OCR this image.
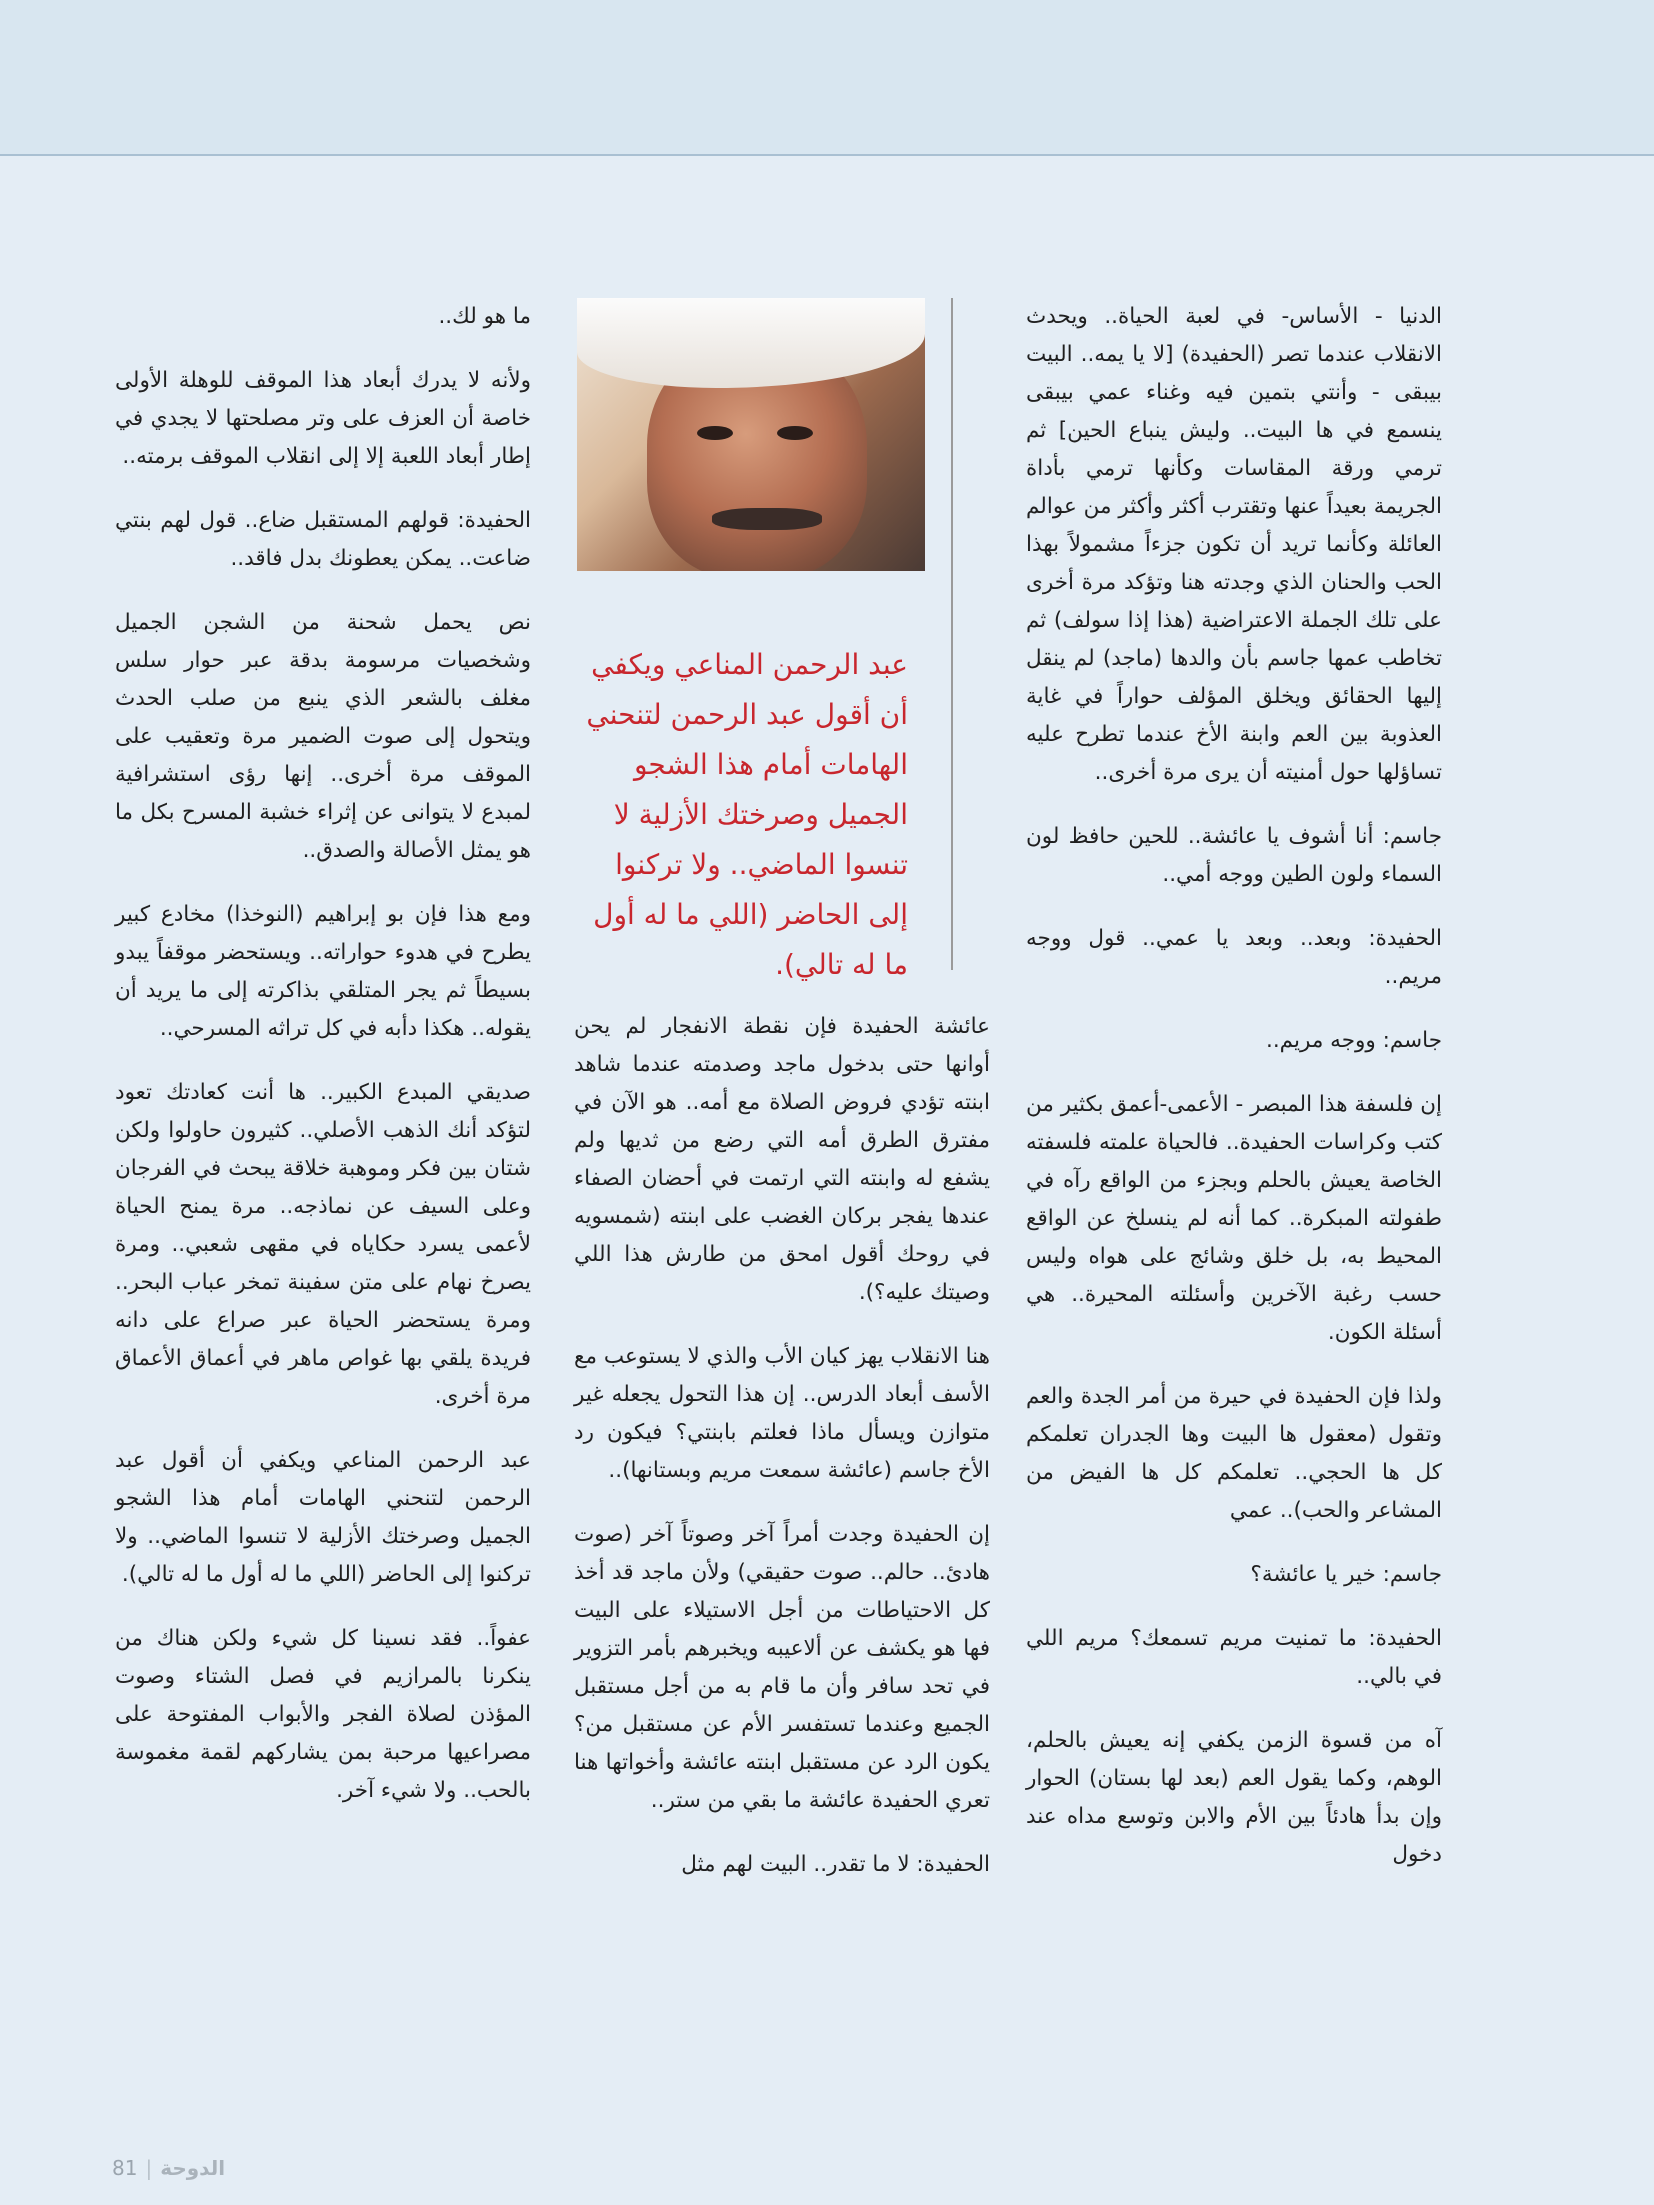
الدنيا - الأساس- في لعبة الحياة.. ويحدث الانقلاب عندما تصر (الحفيدة) [لا يا يمه.. البيت بيبقى - وأنتي بتمين فيه وغناء عمي بيبقى ينسمع في ها البيت.. وليش ينباع الحين] ثم ترمي ورقة المقاسات وكأنها ترمي بأداة الجريمة بعيداً عنها وتقترب أكثر وأكثر من عوالم العائلة وكأنما تريد أن تكون جزءاً مشمولاً بهذا الحب والحنان الذي وجدته هنا وتؤكد مرة أخرى على تلك الجملة الاعتراضية (هذا إذا سولف) ثم تخاطب عمها جاسم بأن والدها (ماجد) لم ينقل إليها الحقائق ويخلق المؤلف حواراً في غاية العذوبة بين العم وابنة الأخ عندما تطرح عليه تساؤلها حول أمنيته أن يرى مرة أخرى..

جاسم: أنا أشوف يا عائشة.. للحين حافظ لون السماء ولون الطين ووجه أمي..

الحفيدة: وبعد.. وبعد يا عمي.. قول ووجه مريم..

جاسم: ووجه مريم..

إن فلسفة هذا المبصر - الأعمى-أعمق بكثير من كتب وكراسات الحفيدة.. فالحياة علمته فلسفته الخاصة يعيش بالحلم وبجزء من الواقع رآه في طفولته المبكرة.. كما أنه لم ينسلخ عن الواقع المحيط به، بل خلق وشائج على هواه وليس حسب رغبة الآخرين وأسئلته المحيرة.. هي أسئلة الكون.

ولذا فإن الحفيدة في حيرة من أمر الجدة والعم وتقول (معقول ها البيت وها الجدران تعلمكم كل ها الحجي.. تعلمكم كل ها الفيض من المشاعر والحب).. عمي

جاسم: خير يا عائشة؟

الحفيدة: ما تمنيت مريم تسمعك؟ مريم اللي في بالي..

آه من قسوة الزمن يكفي إنه يعيش بالحلم، الوهم، وكما يقول العم (بعد لها بستان) الحوار وإن بدأ هادئاً بين الأم والابن وتوسع مداه عند دخول

عبد الرحمن المناعي ويكفي أن أقول عبد الرحمن لتنحني الهامات أمام هذا الشجو الجميل وصرختك الأزلية لا تنسوا الماضي.. ولا تركنوا إلى الحاضر (اللي ما له أول ما له تالي).

عائشة الحفيدة فإن نقطة الانفجار لم يحن أوانها حتى بدخول ماجد وصدمته عندما شاهد ابنته تؤدي فروض الصلاة مع أمه.. هو الآن في مفترق الطرق أمه التي رضع من ثديها ولم يشفع له وابنته التي ارتمت في أحضان الصفاء عندها يفجر بركان الغضب على ابنته (شمسويه في روحك أقول امحق من طارش هذا اللي وصيتك عليه؟).

هنا الانقلاب يهز كيان الأب والذي لا يستوعب مع الأسف أبعاد الدرس.. إن هذا التحول يجعله غير متوازن ويسأل ماذا فعلتم بابنتي؟ فيكون رد الأخ جاسم (عائشة سمعت مريم وبستانها)..

إن الحفيدة وجدت أمراً آخر وصوتاً آخر (صوت هادئ.. حالم.. صوت حقيقي) ولأن ماجد قد أخذ كل الاحتياطات من أجل الاستيلاء على البيت فها هو يكشف عن ألاعيبه ويخبرهم بأمر التزوير في تحد سافر وأن ما قام به من أجل مستقبل الجميع وعندما تستفسر الأم عن مستقبل من؟ يكون الرد عن مستقبل ابنته عائشة وأخواتها هنا تعري الحفيدة عائشة ما بقي من ستر..

الحفيدة: لا ما تقدر.. البيت لهم مثل

ما هو لك..

ولأنه لا يدرك أبعاد هذا الموقف للوهلة الأولى خاصة أن العزف على وتر مصلحتها لا يجدي في إطار أبعاد اللعبة إلا إلى انقلاب الموقف برمته..

الحفيدة: قولهم المستقبل ضاع.. قول لهم بنتي ضاعت.. يمكن يعطونك بدل فاقد..

نص يحمل شحنة من الشجن الجميل وشخصيات مرسومة بدقة عبر حوار سلس مغلف بالشعر الذي ينبع من صلب الحدث ويتحول إلى صوت الضمير مرة وتعقيب على الموقف مرة أخرى.. إنها رؤى استشرافية لمبدع لا يتوانى عن إثراء خشبة المسرح بكل ما هو يمثل الأصالة والصدق..

ومع هذا فإن بو إبراهيم (النوخذا) مخادع كبير يطرح في هدوء حواراته.. ويستحضر موقفاً يبدو بسيطاً ثم يجر المتلقي بذاكرته إلى ما يريد أن يقوله.. هكذا دأبه في كل تراثه المسرحي..

صديقي المبدع الكبير.. ها أنت كعادتك تعود لتؤكد أنك الذهب الأصلي.. كثيرون حاولوا ولكن شتان بين فكر وموهبة خلاقة يبحث في الفرجان وعلى السيف عن نماذجه.. مرة يمنح الحياة لأعمى يسرد حكاياه في مقهى شعبي.. ومرة يصرخ نهام على متن سفينة تمخر عباب البحر.. ومرة يستحضر الحياة عبر صراع على دانه فريدة يلقي بها غواص ماهر في أعماق الأعماق مرة أخرى.

عبد الرحمن المناعي ويكفي أن أقول عبد الرحمن لتنحني الهامات أمام هذا الشجو الجميل وصرختك الأزلية لا تنسوا الماضي.. ولا تركنوا إلى الحاضر (اللي ما له أول ما له تالي).

عفواً.. فقد نسينا كل شيء ولكن هناك من ينكرنا بالمرازيم في فصل الشتاء وصوت المؤذن لصلاة الفجر والأبواب المفتوحة على مصراعيها مرحبة بمن يشاركهم لقمة مغموسة بالحب.. ولا شيء آخر.

81 | الدوحة
